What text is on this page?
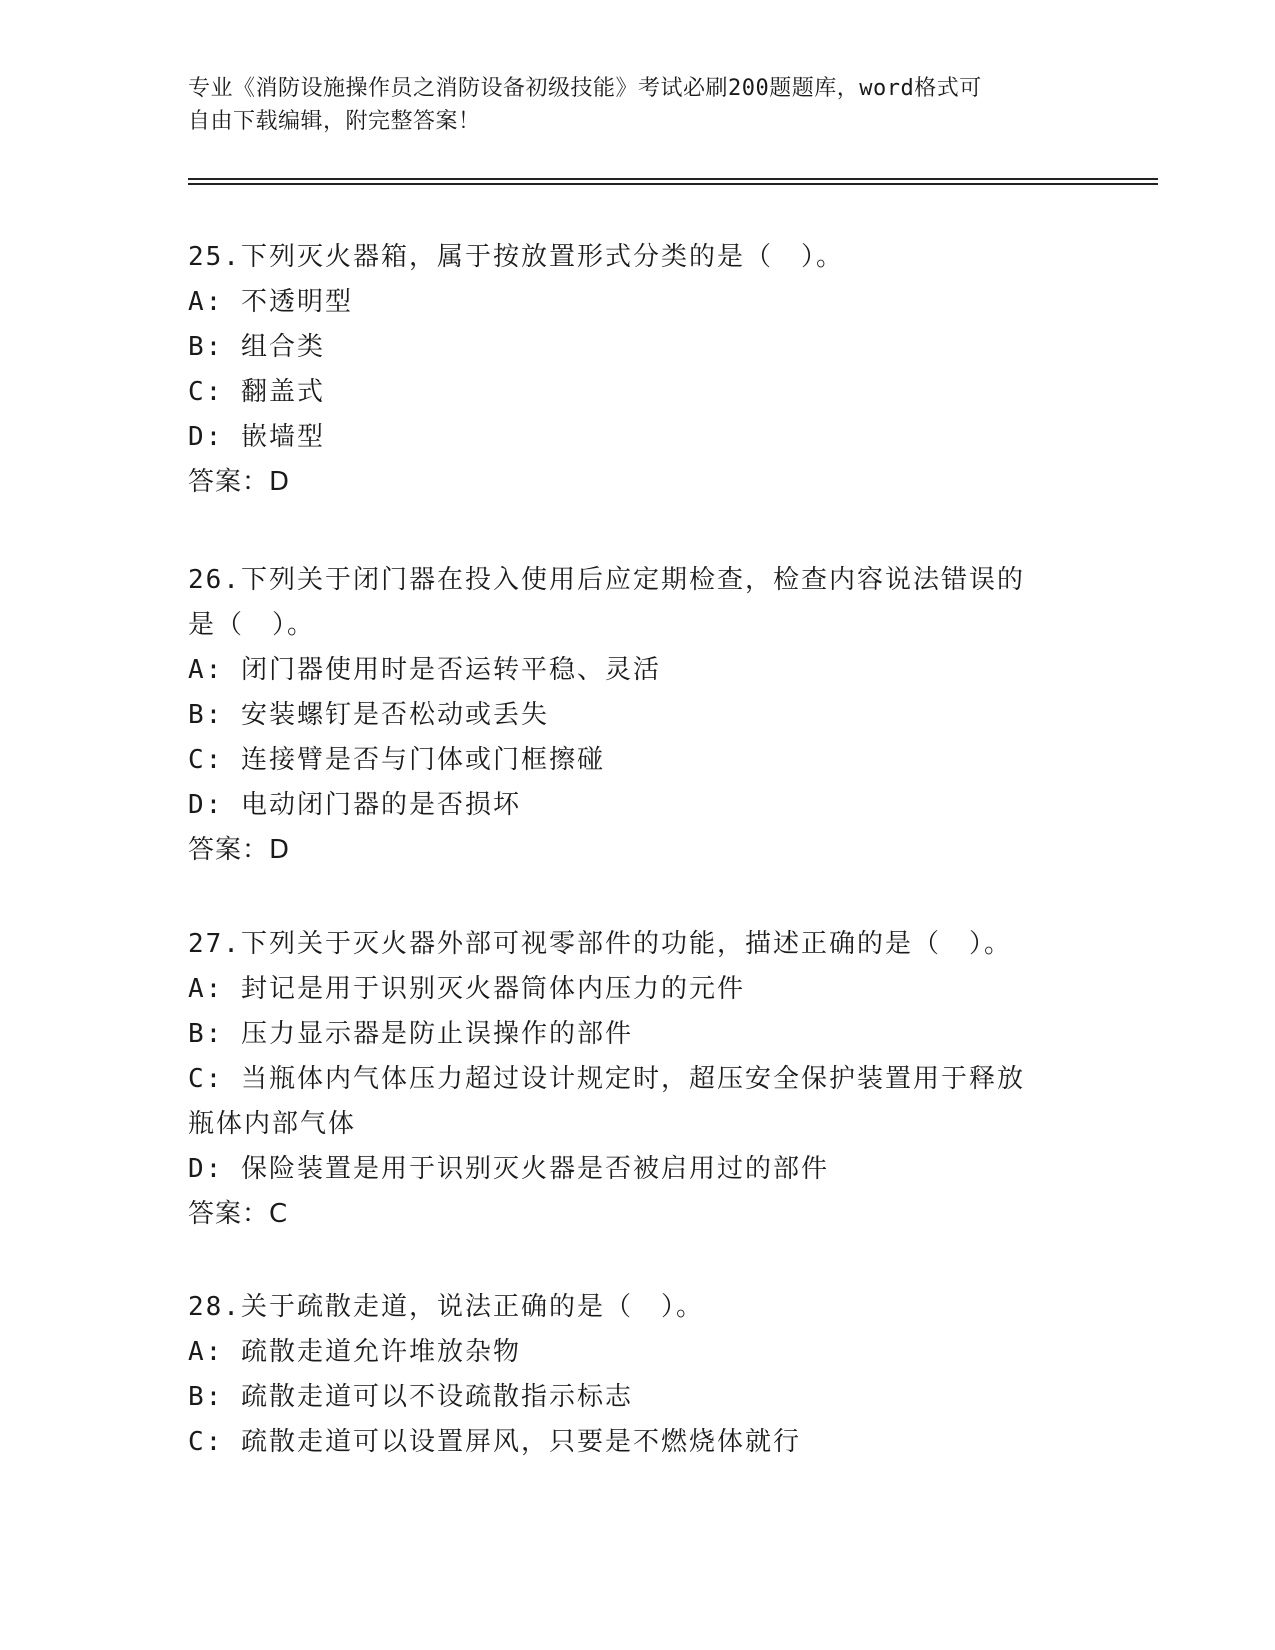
专业《消防设施操作员之消防设备初级技能》考试必刷200题题库，word格式可
自由下载编辑，附完整答案！
25.下列灭火器箱，属于按放置形式分类的是（　）。
A: 不透明型
B: 组合类
C: 翻盖式
D: 嵌墙型
答案：D
26.下列关于闭门器在投入使用后应定期检查，检查内容说法错误的是（　）。
A: 闭门器使用时是否运转平稳、灵活
B: 安装螺钉是否松动或丢失
C: 连接臂是否与门体或门框擦碰
D: 电动闭门器的是否损坏
答案：D
27.下列关于灭火器外部可视零部件的功能，描述正确的是（　）。
A: 封记是用于识别灭火器筒体内压力的元件
B: 压力显示器是防止误操作的部件
C: 当瓶体内气体压力超过设计规定时，超压安全保护装置用于释放瓶体内部气体
D: 保险装置是用于识别灭火器是否被启用过的部件
答案：C
28.关于疏散走道，说法正确的是（　）。
A: 疏散走道允许堆放杂物
B: 疏散走道可以不设疏散指示标志
C: 疏散走道可以设置屏风，只要是不燃烧体就行
